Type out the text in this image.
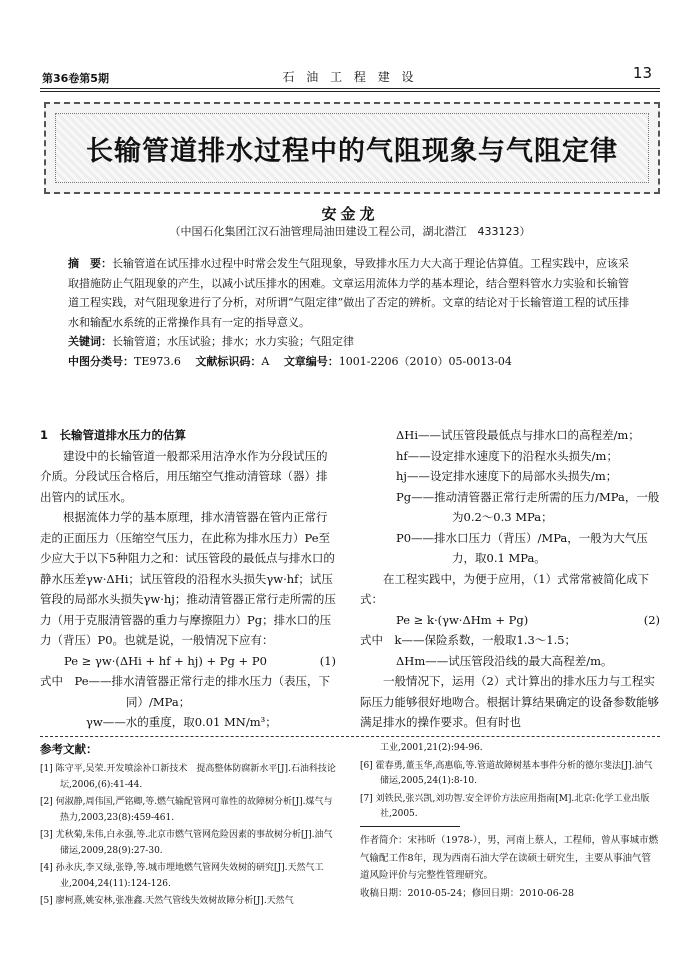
第36卷第5期	石 油 工 程 建 设	13
长输管道排水过程中的气阻现象与气阻定律
安金龙
（中国石化集团江汉石油管理局油田建设工程公司，湖北潜江　433123）
摘　要：长输管道在试压排水过程中时常会发生气阻现象，导致排水压力大大高于理论估算值。工程实践中，应该采取措施防止气阻现象的产生，以减小试压排水的困难。文章运用流体力学的基本理论，结合塑料管水力实验和长输管道工程实践，对气阻现象进行了分析，对所谓“气阻定律”做出了否定的辨析。文章的结论对于长输管道工程的试压排水和输配水系统的正常操作具有一定的指导意义。
关键词：长输管道；水压试验；排水；水力实验；气阻定律
中图分类号：TE973.6  文献标识码：A  文章编号：1001-2206（2010）05-0013-04

1　长输管道排水压力的估算

建设中的长输管道一般都采用洁净水作为分段试压的介质。分段试压合格后，用压缩空气推动清管球（器）排出管内的试压水。

根据流体力学的基本原理，排水清管器在管内正常行走的正面压力（压缩空气压力，在此称为排水压力）Pe至少应大于以下5种阻力之和：试压管段的最低点与排水口的静水压差γw·ΔHi；试压管段的沿程水头损失γw·hf；试压管段的局部水头损失γw·hj；推动清管器正常行走所需的压力（用于克服清管器的重力与摩擦阻力）Pg；排水口的压力（背压）P0。也就是说，一般情况下应有：

Pe ≥ γw·(ΔHi + hf + hj) + Pg + P0	(1)

式中　Pe——排水清管器正常行走的排水压力（表压，下同）/MPa；

γw——水的重度，取0.01 MN/m³；

ΔHi——试压管段最低点与排水口的高程差/m；

hf——设定排水速度下的沿程水头损失/m；

hj——设定排水速度下的局部水头损失/m；

Pg——推动清管器正常行走所需的压力/MPa，一般为0.2～0.3 MPa；

P0——排水口压力（背压）/MPa，一般为大气压力，取0.1 MPa。

在工程实践中，为便于应用，（1）式常常被简化成下式：

Pe ≥ k·(γw·ΔHm + Pg)	(2)

式中　k——保险系数，一般取1.3～1.5；

ΔHm——试压管段沿线的最大高程差/m。

一般情况下，运用（2）式计算出的排水压力与工程实际压力能够很好地吻合。根据计算结果确定的设备参数能够满足排水的操作要求。但有时也

参考文献：

[1] 陈守平,吴荣.开发喷涂补口新技术　提高整体防腐新水平[J].石油科技论坛,2006,(6):41-44.

[2] 何淑静,周伟国,严铭卿,等.燃气输配管网可靠性的故障树分析[J].煤气与热力,2003,23(8):459-461.

[3] 尤秋菊,朱伟,白永强,等.北京市燃气管网危险因素的事故树分析[J].油气储运,2009,28(9):27-30.

[4] 孙永庆,李又绿,张铮,等.城市埋地燃气管网失效树的研究[J].天然气工业,2004,24(11):124-126.

[5] 廖柯熹,姚安林,张准鑫.天然气管线失效树故障分析[J].天然气

工业,2001,21(2):94-96.

[6] 霍春勇,董玉华,高惠临,等.管道故障树基本事件分析的德尔斐法[J].油气储运,2005,24(1):8-10.

[7] 刘铁民,张兴凯,刘功智.安全评价方法应用指南[M].北京:化学工业出版社,2005.

作者简介：宋祎昕（1978-），男，河南上蔡人，工程师，曾从事城市燃气输配工作8年，现为西南石油大学在读硕士研究生，主要从事油气管道风险评价与完整性管理研究。

收稿日期：2010-05-24；修回日期：2010-06-28
